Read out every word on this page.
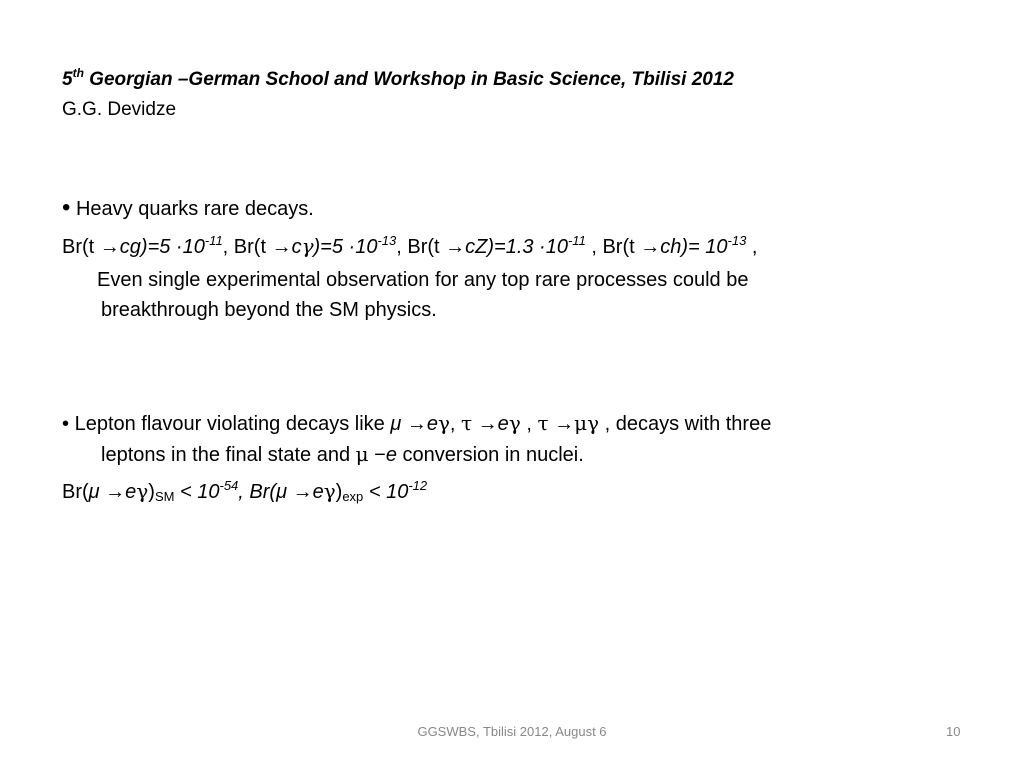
5th Georgian –German School and Workshop in Basic Science, Tbilisi 2012
G.G. Devidze
• Heavy quarks rare decays.
$Br(t \to cg)=5 \cdot 10^{-11}$, $Br(t \to c\gamma)=5 \cdot 10^{-13}$, $Br(t \to cZ)=1.3 \cdot 10^{-11}$ , $Br(t \to ch)= 10^{-13}$ ,
Even single experimental observation for any top rare processes could be
breakthrough beyond the SM physics.
• Lepton flavour violating decays like μ →eγ, τ →eγ , τ →μγ , decays with three
leptons in the final state and μ −e conversion in nuclei.
$Br(\mu \to e\gamma)_{SM} < 10^{-54}$, $Br(\mu \to e\gamma)_{exp} < 10^{-12}$
GGSWBS, Tbilisi 2012, August 6	10
